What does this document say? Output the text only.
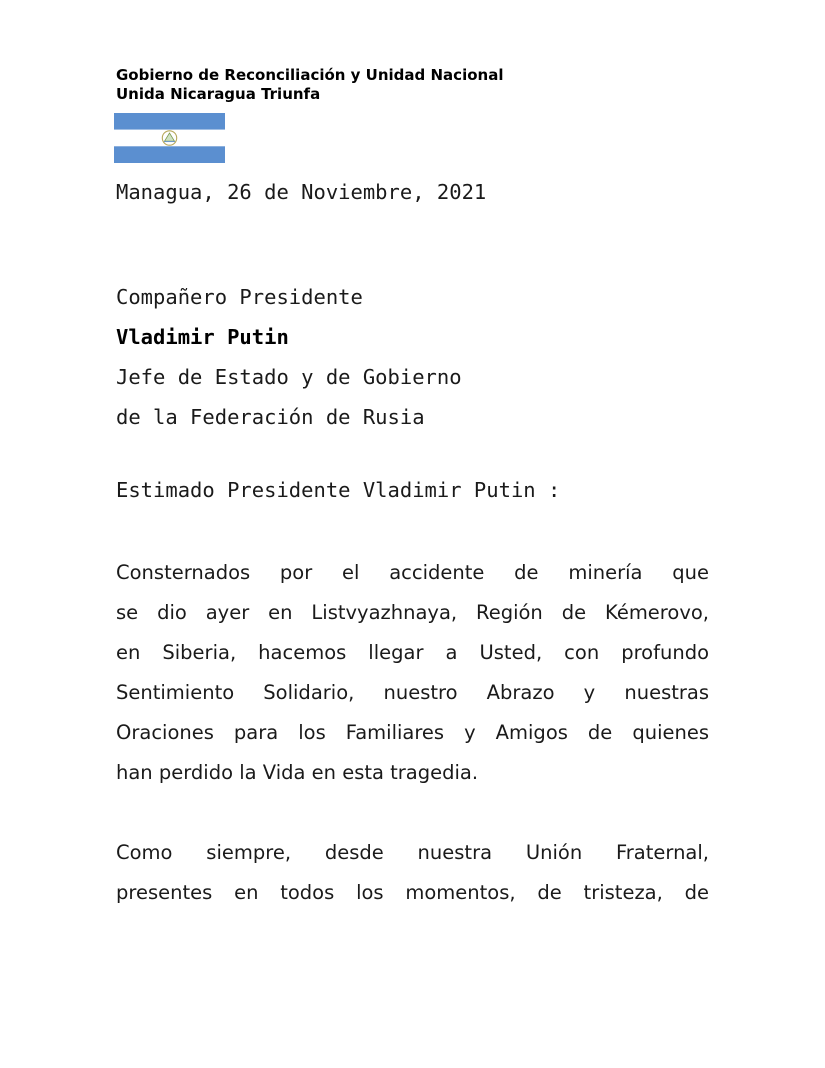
Gobierno de Reconciliación y Unidad Nacional
Unida Nicaragua Triunfa
Managua, 26 de Noviembre, 2021
Compañero Presidente
Vladimir Putin
Jefe de Estado y de Gobierno
de la Federación de Rusia
Estimado Presidente Vladimir Putin :
Consternados por el accidente de minería que
se dio ayer en Listvyazhnaya, Región de Kémerovo,
en Siberia, hacemos llegar a Usted, con profundo
Sentimiento Solidario, nuestro Abrazo y nuestras
Oraciones para los Familiares y Amigos de quienes
han perdido la Vida en esta tragedia.
Como siempre, desde nuestra Unión Fraternal,
presentes en todos los momentos, de tristeza, de
